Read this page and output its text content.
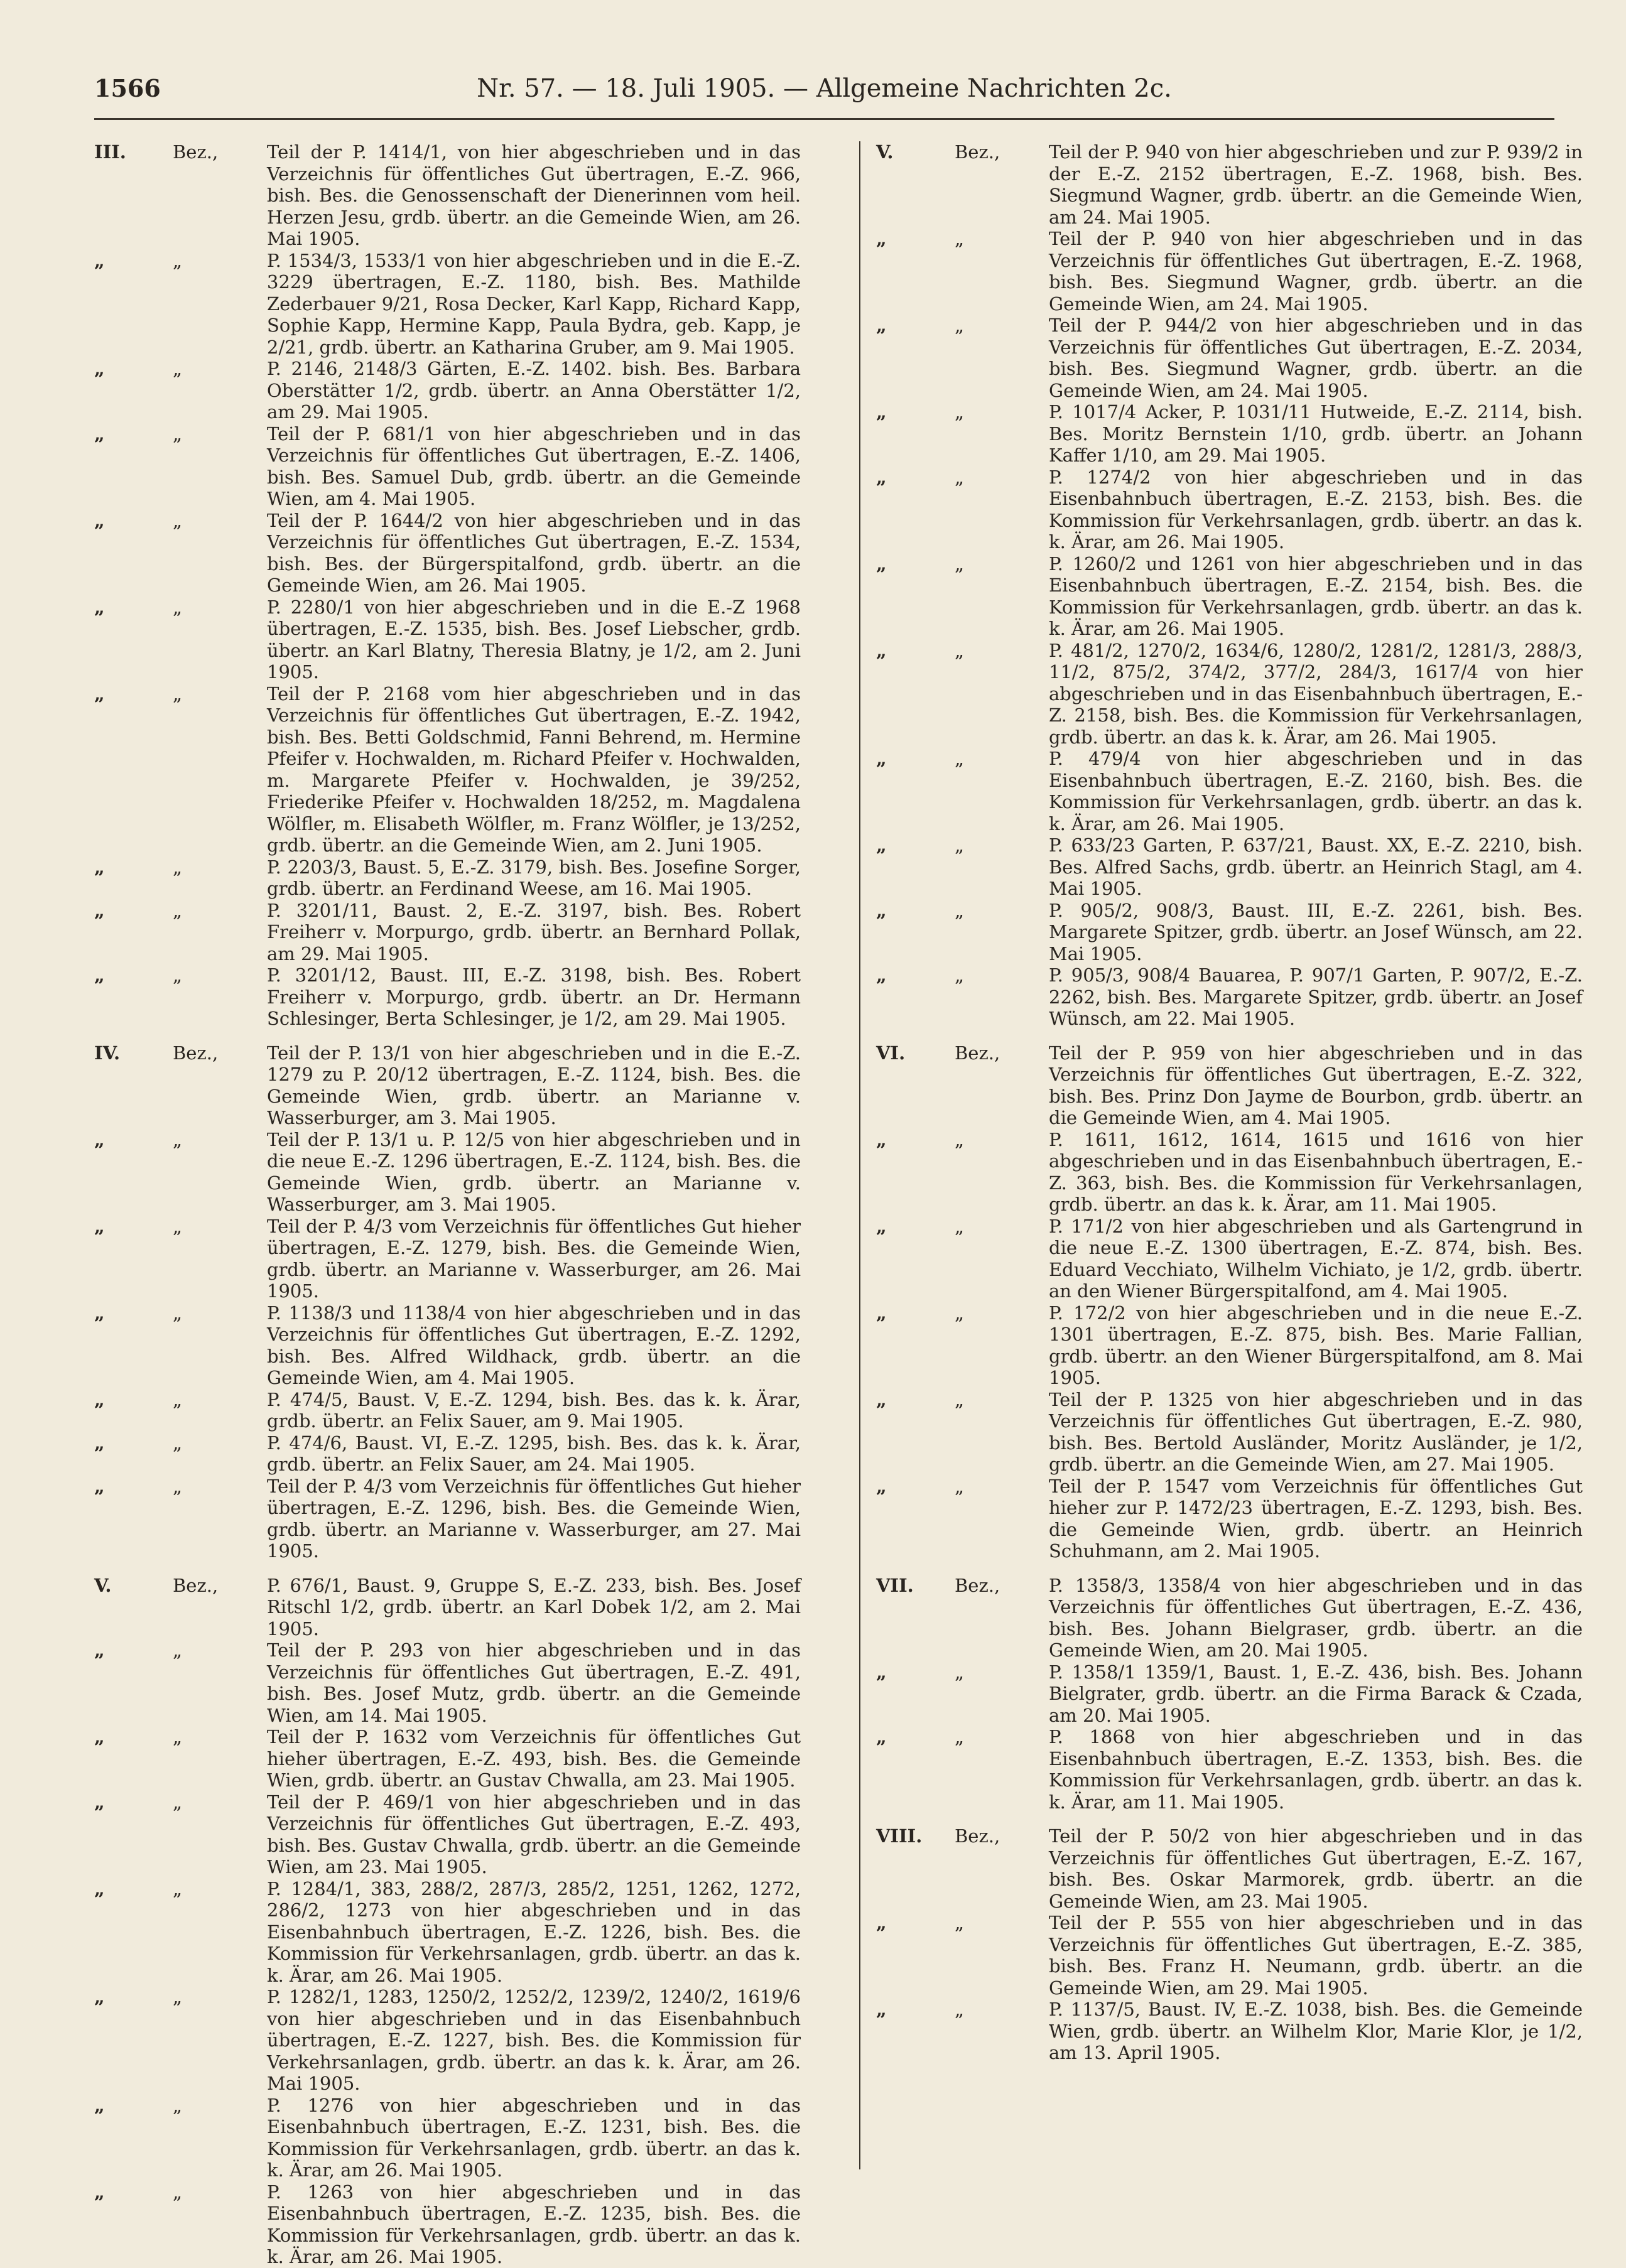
1566	Nr. 57. — 18. Juli 1905. — Allgemeine Nachrichten 2c.
III.	Bez.,	Teil der P. 1414/1, von hier abgeschrieben und in das Verzeichnis für öffentliches Gut übertragen, E.-Z. 966, bish. Bes. die Genossenschaft der Dienerinnen vom heil. Herzen Jesu, grdb. übertr. an die Gemeinde Wien, am 26. Mai 1905.
„	„	P. 1534/3, 1533/1 von hier abgeschrieben und in die E.-Z. 3229 übertragen, E.-Z. 1180, bish. Bes. Mathilde Zederbauer 9/21, Rosa Decker, Karl Kapp, Richard Kapp, Sophie Kapp, Hermine Kapp, Paula Bydra, geb. Kapp, je 2/21, grdb. übertr. an Katharina Gruber, am 9. Mai 1905.
„	„	P. 2146, 2148/3 Gärten, E.-Z. 1402. bish. Bes. Barbara Oberstätter 1/2, grdb. übertr. an Anna Oberstätter 1/2, am 29. Mai 1905.
„	„	Teil der P. 681/1 von hier abgeschrieben und in das Verzeichnis für öffentliches Gut übertragen, E.-Z. 1406, bish. Bes. Samuel Dub, grdb. übertr. an die Gemeinde Wien, am 4. Mai 1905.
„	„	Teil der P. 1644/2 von hier abgeschrieben und in das Verzeichnis für öffentliches Gut übertragen, E.-Z. 1534, bish. Bes. der Bürgerspitalfond, grdb. übertr. an die Gemeinde Wien, am 26. Mai 1905.
„	„	P. 2280/1 von hier abgeschrieben und in die E.-Z 1968 übertragen, E.-Z. 1535, bish. Bes. Josef Liebscher, grdb. übertr. an Karl Blatny, Theresia Blatny, je 1/2, am 2. Juni 1905.
„	„	Teil der P. 2168 vom hier abgeschrieben und in das Verzeichnis für öffentliches Gut übertragen, E.-Z. 1942, bish. Bes. Betti Goldschmid, Fanni Behrend, m. Hermine Pfeifer v. Hochwalden, m. Richard Pfeifer v. Hochwalden, m. Margarete Pfeifer v. Hochwalden, je 39/252, Friederike Pfeifer v. Hochwalden 18/252, m. Magdalena Wölfler, m. Elisabeth Wölfler, m. Franz Wölfler, je 13/252, grdb. übertr. an die Gemeinde Wien, am 2. Juni 1905.
„	„	P. 2203/3, Baust. 5, E.-Z. 3179, bish. Bes. Josefine Sorger, grdb. übertr. an Ferdinand Weese, am 16. Mai 1905.
„	„	P. 3201/11, Baust. 2, E.-Z. 3197, bish. Bes. Robert Freiherr v. Morpurgo, grdb. übertr. an Bernhard Pollak, am 29. Mai 1905.
„	„	P. 3201/12, Baust. III, E.-Z. 3198, bish. Bes. Robert Freiherr v. Morpurgo, grdb. übertr. an Dr. Hermann Schlesinger, Berta Schlesinger, je 1/2, am 29. Mai 1905.
IV.	Bez.,	Teil der P. 13/1 von hier abgeschrieben und in die E.-Z. 1279 zu P. 20/12 übertragen, E.-Z. 1124, bish. Bes. die Gemeinde Wien, grdb. übertr. an Marianne v. Wasserburger, am 3. Mai 1905.
„	„	Teil der P. 13/1 u. P. 12/5 von hier abgeschrieben und in die neue E.-Z. 1296 übertragen, E.-Z. 1124, bish. Bes. die Gemeinde Wien, grdb. übertr. an Marianne v. Wasserburger, am 3. Mai 1905.
„	„	Teil der P. 4/3 vom Verzeichnis für öffentliches Gut hieher übertragen, E.-Z. 1279, bish. Bes. die Gemeinde Wien, grdb. übertr. an Marianne v. Wasserburger, am 26. Mai 1905.
„	„	P. 1138/3 und 1138/4 von hier abgeschrieben und in das Verzeichnis für öffentliches Gut übertragen, E.-Z. 1292, bish. Bes. Alfred Wildhack, grdb. übertr. an die Gemeinde Wien, am 4. Mai 1905.
„	„	P. 474/5, Baust. V, E.-Z. 1294, bish. Bes. das k. k. Ärar, grdb. übertr. an Felix Sauer, am 9. Mai 1905.
„	„	P. 474/6, Baust. VI, E.-Z. 1295, bish. Bes. das k. k. Ärar, grdb. übertr. an Felix Sauer, am 24. Mai 1905.
„	„	Teil der P. 4/3 vom Verzeichnis für öffentliches Gut hieher übertragen, E.-Z. 1296, bish. Bes. die Gemeinde Wien, grdb. übertr. an Marianne v. Wasserburger, am 27. Mai 1905.
V.	Bez.,	P. 676/1, Baust. 9, Gruppe S, E.-Z. 233, bish. Bes. Josef Ritschl 1/2, grdb. übertr. an Karl Dobek 1/2, am 2. Mai 1905.
„	„	Teil der P. 293 von hier abgeschrieben und in das Verzeichnis für öffentliches Gut übertragen, E.-Z. 491, bish. Bes. Josef Mutz, grdb. übertr. an die Gemeinde Wien, am 14. Mai 1905.
„	„	Teil der P. 1632 vom Verzeichnis für öffentliches Gut hieher übertragen, E.-Z. 493, bish. Bes. die Gemeinde Wien, grdb. übertr. an Gustav Chwalla, am 23. Mai 1905.
„	„	Teil der P. 469/1 von hier abgeschrieben und in das Verzeichnis für öffentliches Gut übertragen, E.-Z. 493, bish. Bes. Gustav Chwalla, grdb. übertr. an die Gemeinde Wien, am 23. Mai 1905.
„	„	P. 1284/1, 383, 288/2, 287/3, 285/2, 1251, 1262, 1272, 286/2, 1273 von hier abgeschrieben und in das Eisenbahnbuch übertragen, E.-Z. 1226, bish. Bes. die Kommission für Verkehrsanlagen, grdb. übertr. an das k. k. Ärar, am 26. Mai 1905.
„	„	P. 1282/1, 1283, 1250/2, 1252/2, 1239/2, 1240/2, 1619/6 von hier abgeschrieben und in das Eisenbahnbuch übertragen, E.-Z. 1227, bish. Bes. die Kommission für Verkehrsanlagen, grdb. übertr. an das k. k. Ärar, am 26. Mai 1905.
„	„	P. 1276 von hier abgeschrieben und in das Eisenbahnbuch übertragen, E.-Z. 1231, bish. Bes. die Kommission für Verkehrsanlagen, grdb. übertr. an das k. k. Ärar, am 26. Mai 1905.
„	„	P. 1263 von hier abgeschrieben und in das Eisenbahnbuch übertragen, E.-Z. 1235, bish. Bes. die Kommission für Verkehrsanlagen, grdb. übertr. an das k. k. Ärar, am 26. Mai 1905.
V.	Bez.,	Teil der P. 940 von hier abgeschrieben und zur P. 939/2 in der E.-Z. 2152 übertragen, E.-Z. 1968, bish. Bes. Siegmund Wagner, grdb. übertr. an die Gemeinde Wien, am 24. Mai 1905.
„	„	Teil der P. 940 von hier abgeschrieben und in das Verzeichnis für öffentliches Gut übertragen, E.-Z. 1968, bish. Bes. Siegmund Wagner, grdb. übertr. an die Gemeinde Wien, am 24. Mai 1905.
„	„	Teil der P. 944/2 von hier abgeschrieben und in das Verzeichnis für öffentliches Gut übertragen, E.-Z. 2034, bish. Bes. Siegmund Wagner, grdb. übertr. an die Gemeinde Wien, am 24. Mai 1905.
„	„	P. 1017/4 Acker, P. 1031/11 Hutweide, E.-Z. 2114, bish. Bes. Moritz Bernstein 1/10, grdb. übertr. an Johann Kaffer 1/10, am 29. Mai 1905.
„	„	P. 1274/2 von hier abgeschrieben und in das Eisenbahnbuch übertragen, E.-Z. 2153, bish. Bes. die Kommission für Verkehrsanlagen, grdb. übertr. an das k. k. Ärar, am 26. Mai 1905.
„	„	P. 1260/2 und 1261 von hier abgeschrieben und in das Eisenbahnbuch übertragen, E.-Z. 2154, bish. Bes. die Kommission für Verkehrsanlagen, grdb. übertr. an das k. k. Ärar, am 26. Mai 1905.
„	„	P. 481/2, 1270/2, 1634/6, 1280/2, 1281/2, 1281/3, 288/3, 11/2, 875/2, 374/2, 377/2, 284/3, 1617/4 von hier abgeschrieben und in das Eisenbahnbuch übertragen, E.-Z. 2158, bish. Bes. die Kommission für Verkehrsanlagen, grdb. übertr. an das k. k. Ärar, am 26. Mai 1905.
„	„	P. 479/4 von hier abgeschrieben und in das Eisenbahnbuch übertragen, E.-Z. 2160, bish. Bes. die Kommission für Verkehrsanlagen, grdb. übertr. an das k. k. Ärar, am 26. Mai 1905.
„	„	P. 633/23 Garten, P. 637/21, Baust. XX, E.-Z. 2210, bish. Bes. Alfred Sachs, grdb. übertr. an Heinrich Stagl, am 4. Mai 1905.
„	„	P. 905/2, 908/3, Baust. III, E.-Z. 2261, bish. Bes. Margarete Spitzer, grdb. übertr. an Josef Wünsch, am 22. Mai 1905.
„	„	P. 905/3, 908/4 Bauarea, P. 907/1 Garten, P. 907/2, E.-Z. 2262, bish. Bes. Margarete Spitzer, grdb. übertr. an Josef Wünsch, am 22. Mai 1905.
VI.	Bez.,	Teil der P. 959 von hier abgeschrieben und in das Verzeichnis für öffentliches Gut übertragen, E.-Z. 322, bish. Bes. Prinz Don Jayme de Bourbon, grdb. übertr. an die Gemeinde Wien, am 4. Mai 1905.
„	„	P. 1611, 1612, 1614, 1615 und 1616 von hier abgeschrieben und in das Eisenbahnbuch übertragen, E.-Z. 363, bish. Bes. die Kommission für Verkehrsanlagen, grdb. übertr. an das k. k. Ärar, am 11. Mai 1905.
„	„	P. 171/2 von hier abgeschrieben und als Gartengrund in die neue E.-Z. 1300 übertragen, E.-Z. 874, bish. Bes. Eduard Vecchiato, Wilhelm Vichiato, je 1/2, grdb. übertr. an den Wiener Bürgerspitalfond, am 4. Mai 1905.
„	„	P. 172/2 von hier abgeschrieben und in die neue E.-Z. 1301 übertragen, E.-Z. 875, bish. Bes. Marie Fallian, grdb. übertr. an den Wiener Bürgerspitalfond, am 8. Mai 1905.
„	„	Teil der P. 1325 von hier abgeschrieben und in das Verzeichnis für öffentliches Gut übertragen, E.-Z. 980, bish. Bes. Bertold Ausländer, Moritz Ausländer, je 1/2, grdb. übertr. an die Gemeinde Wien, am 27. Mai 1905.
„	„	Teil der P. 1547 vom Verzeichnis für öffentliches Gut hieher zur P. 1472/23 übertragen, E.-Z. 1293, bish. Bes. die Gemeinde Wien, grdb. übertr. an Heinrich Schuhmann, am 2. Mai 1905.
VII. Bez.,	P. 1358/3, 1358/4 von hier abgeschrieben und in das Verzeichnis für öffentliches Gut übertragen, E.-Z. 436, bish. Bes. Johann Bielgraser, grdb. übertr. an die Gemeinde Wien, am 20. Mai 1905.
„	„	P. 1358/1 1359/1, Baust. 1, E.-Z. 436, bish. Bes. Johann Bielgrater, grdb. übertr. an die Firma Barack & Czada, am 20. Mai 1905.
„	„	P. 1868 von hier abgeschrieben und in das Eisenbahnbuch übertragen, E.-Z. 1353, bish. Bes. die Kommission für Verkehrsanlagen, grdb. übertr. an das k. k. Ärar, am 11. Mai 1905.
VIII. Bez.,	Teil der P. 50/2 von hier abgeschrieben und in das Verzeichnis für öffentliches Gut übertragen, E.-Z. 167, bish. Bes. Oskar Marmorek, grdb. übertr. an die Gemeinde Wien, am 23. Mai 1905.
„	„	Teil der P. 555 von hier abgeschrieben und in das Verzeichnis für öffentliches Gut übertragen, E.-Z. 385, bish. Bes. Franz H. Neumann, grdb. übertr. an die Gemeinde Wien, am 29. Mai 1905.
„	„	P. 1137/5, Baust. IV, E.-Z. 1038, bish. Bes. die Gemeinde Wien, grdb. übertr. an Wilhelm Klor, Marie Klor, je 1/2, am 13. April 1905.
